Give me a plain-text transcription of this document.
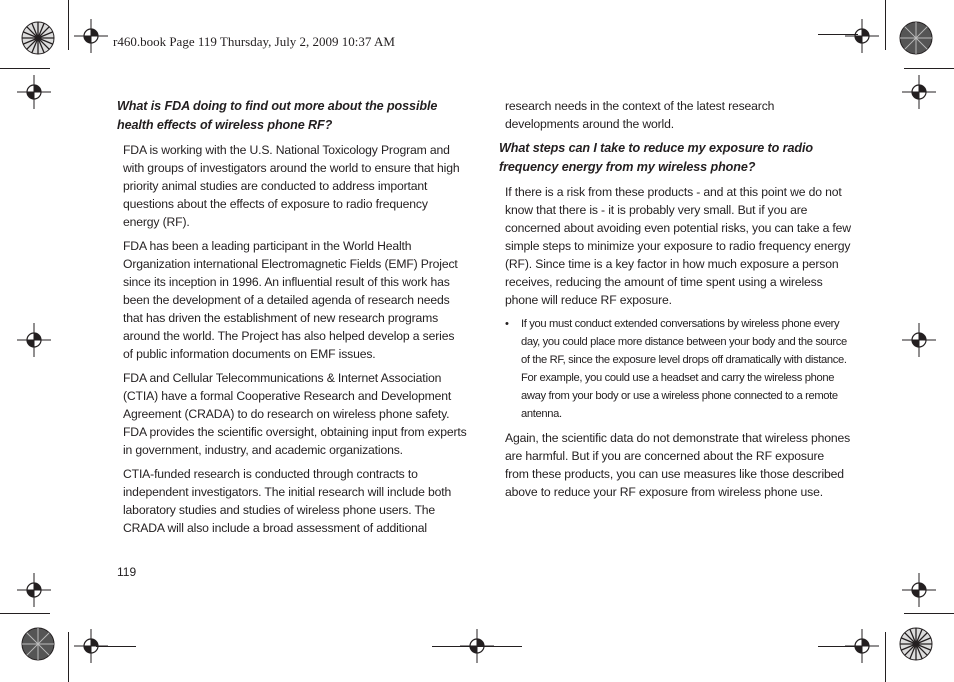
r460.book Page 119 Thursday, July 2, 2009 10:37 AM

What is FDA doing to find out more about the possible health effects of wireless phone RF?

FDA is working with the U.S. National Toxicology Program and with groups of investigators around the world to ensure that high priority animal studies are conducted to address important questions about the effects of exposure to radio frequency energy (RF).

FDA has been a leading participant in the World Health Organization international Electromagnetic Fields (EMF) Project since its inception in 1996. An influential result of this work has been the development of a detailed agenda of research needs that has driven the establishment of new research programs around the world. The Project has also helped develop a series of public information documents on EMF issues.

FDA and Cellular Telecommunications & Internet Association (CTIA) have a formal Cooperative Research and Development Agreement (CRADA) to do research on wireless phone safety. FDA provides the scientific oversight, obtaining input from experts in government, industry, and academic organizations.

CTIA-funded research is conducted through contracts to independent investigators. The initial research will include both laboratory studies and studies of wireless phone users. The CRADA will also include a broad assessment of additional

research needs in the context of the latest research developments around the world.

What steps can I take to reduce my exposure to radio frequency energy from my wireless phone?

If there is a risk from these products - and at this point we do not know that there is - it is probably very small. But if you are concerned about avoiding even potential risks, you can take a few simple steps to minimize your exposure to radio frequency energy (RF). Since time is a key factor in how much exposure a person receives, reducing the amount of time spent using a wireless phone will reduce RF exposure.

• If you must conduct extended conversations by wireless phone every day, you could place more distance between your body and the source of the RF, since the exposure level drops off dramatically with distance. For example, you could use a headset and carry the wireless phone away from your body or use a wireless phone connected to a remote antenna.

Again, the scientific data do not demonstrate that wireless phones are harmful. But if you are concerned about the RF exposure from these products, you can use measures like those described above to reduce your RF exposure from wireless phone use.

119
